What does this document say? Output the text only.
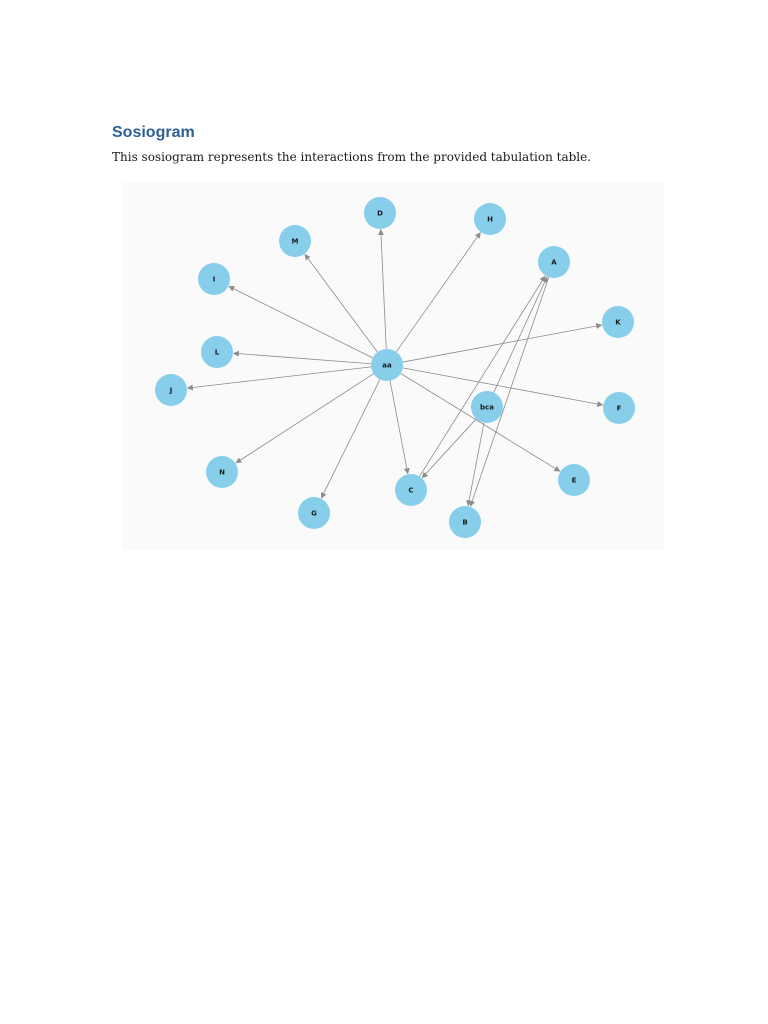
Sosiogram

This sosiogram represents the interactions from the provided tabulation table.

aa
bca
A
B
C
D
E
F
G
H
I
J
K
L
M
N
